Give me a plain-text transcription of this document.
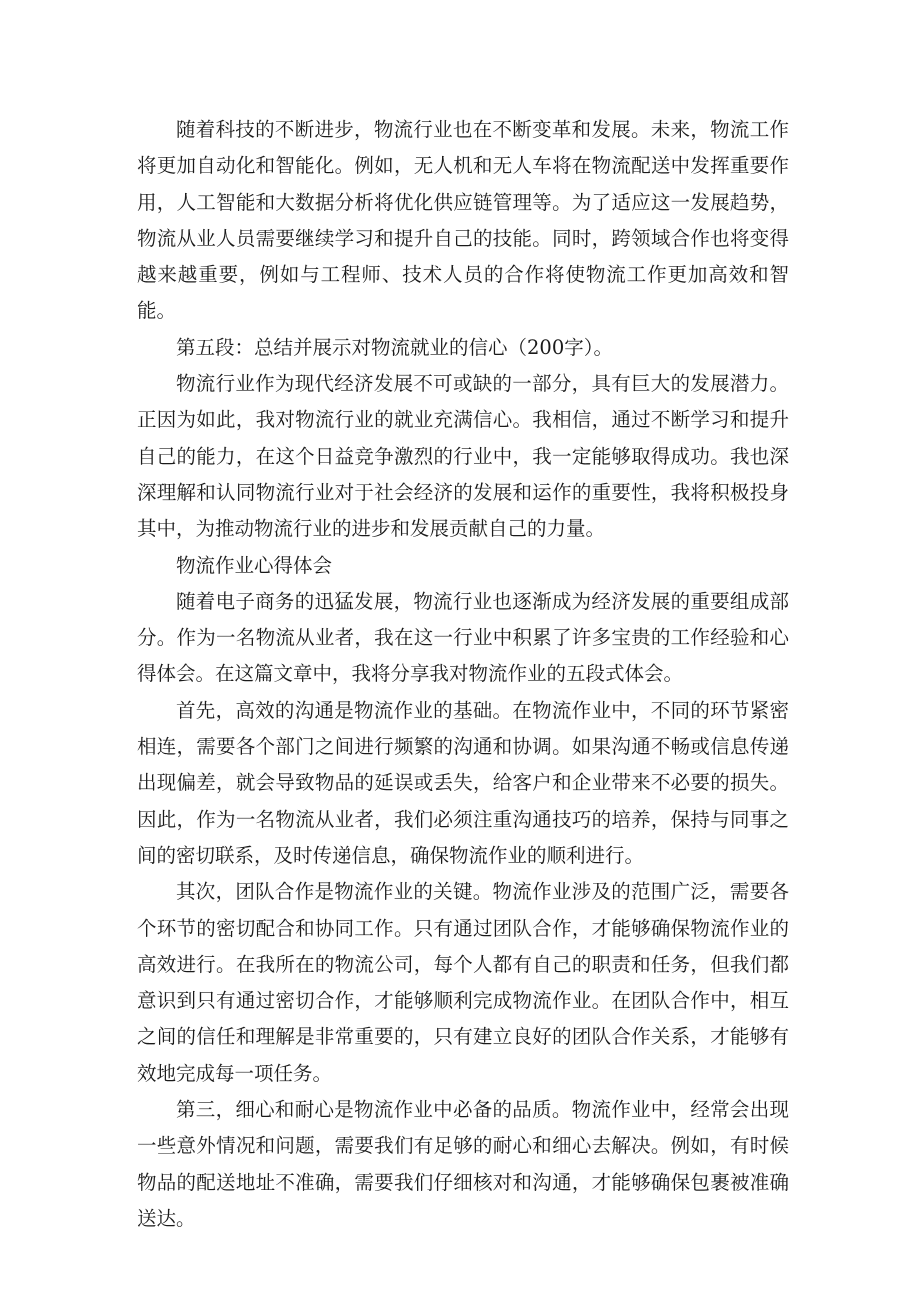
随着科技的不断进步，物流行业也在不断变革和发展。未来，物流工作将更加自动化和智能化。例如，无人机和无人车将在物流配送中发挥重要作用，人工智能和大数据分析将优化供应链管理等。为了适应这一发展趋势，物流从业人员需要继续学习和提升自己的技能。同时，跨领域合作也将变得越来越重要，例如与工程师、技术人员的合作将使物流工作更加高效和智能。

第五段：总结并展示对物流就业的信心（200字）。

物流行业作为现代经济发展不可或缺的一部分，具有巨大的发展潜力。正因为如此，我对物流行业的就业充满信心。我相信，通过不断学习和提升自己的能力，在这个日益竞争激烈的行业中，我一定能够取得成功。我也深深理解和认同物流行业对于社会经济的发展和运作的重要性，我将积极投身其中，为推动物流行业的进步和发展贡献自己的力量。

物流作业心得体会

随着电子商务的迅猛发展，物流行业也逐渐成为经济发展的重要组成部分。作为一名物流从业者，我在这一行业中积累了许多宝贵的工作经验和心得体会。在这篇文章中，我将分享我对物流作业的五段式体会。

首先，高效的沟通是物流作业的基础。在物流作业中，不同的环节紧密相连，需要各个部门之间进行频繁的沟通和协调。如果沟通不畅或信息传递出现偏差，就会导致物品的延误或丢失，给客户和企业带来不必要的损失。因此，作为一名物流从业者，我们必须注重沟通技巧的培养，保持与同事之间的密切联系，及时传递信息，确保物流作业的顺利进行。

其次，团队合作是物流作业的关键。物流作业涉及的范围广泛，需要各个环节的密切配合和协同工作。只有通过团队合作，才能够确保物流作业的高效进行。在我所在的物流公司，每个人都有自己的职责和任务，但我们都意识到只有通过密切合作，才能够顺利完成物流作业。在团队合作中，相互之间的信任和理解是非常重要的，只有建立良好的团队合作关系，才能够有效地完成每一项任务。

第三，细心和耐心是物流作业中必备的品质。物流作业中，经常会出现一些意外情况和问题，需要我们有足够的耐心和细心去解决。例如，有时候物品的配送地址不准确，需要我们仔细核对和沟通，才能够确保包裹被准确送达。
